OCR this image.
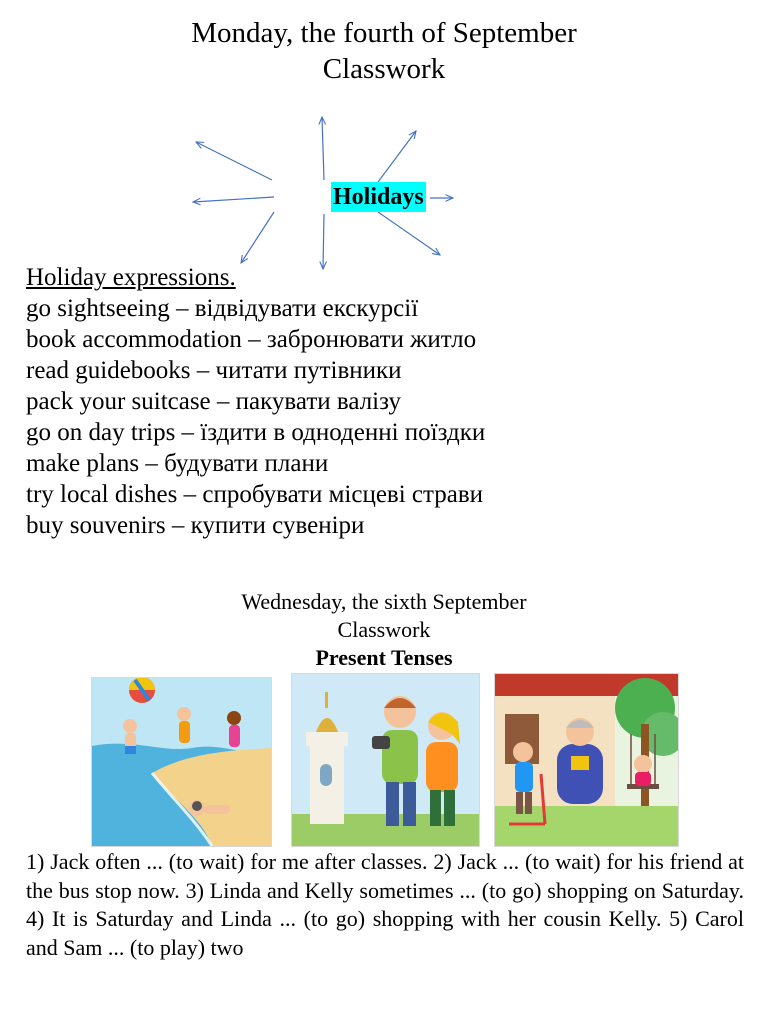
Monday, the fourth of September
Classwork
Holidays
Holiday expressions.
go sightseeing – відвідувати екскурсії
book accommodation – забронювати житло
read guidebooks – читати путівники
pack your suitcase – пакувати валізу
go on day trips – їздити в одноденні поїздки
make plans – будувати плани
try local dishes – спробувати місцеві страви
buy souvenirs – купити сувеніри
Wednesday, the sixth September
Classwork
Present Tenses

1) Jack often ... (to wait) for me after classes. 2) Jack ... (to wait) for his friend at the bus stop now. 3) Linda and Kelly sometimes ... (to go) shopping on Saturday. 4) It is Saturday and Linda ... (to go) shopping with her cousin Kelly. 5) Carol and Sam ... (to play) two
